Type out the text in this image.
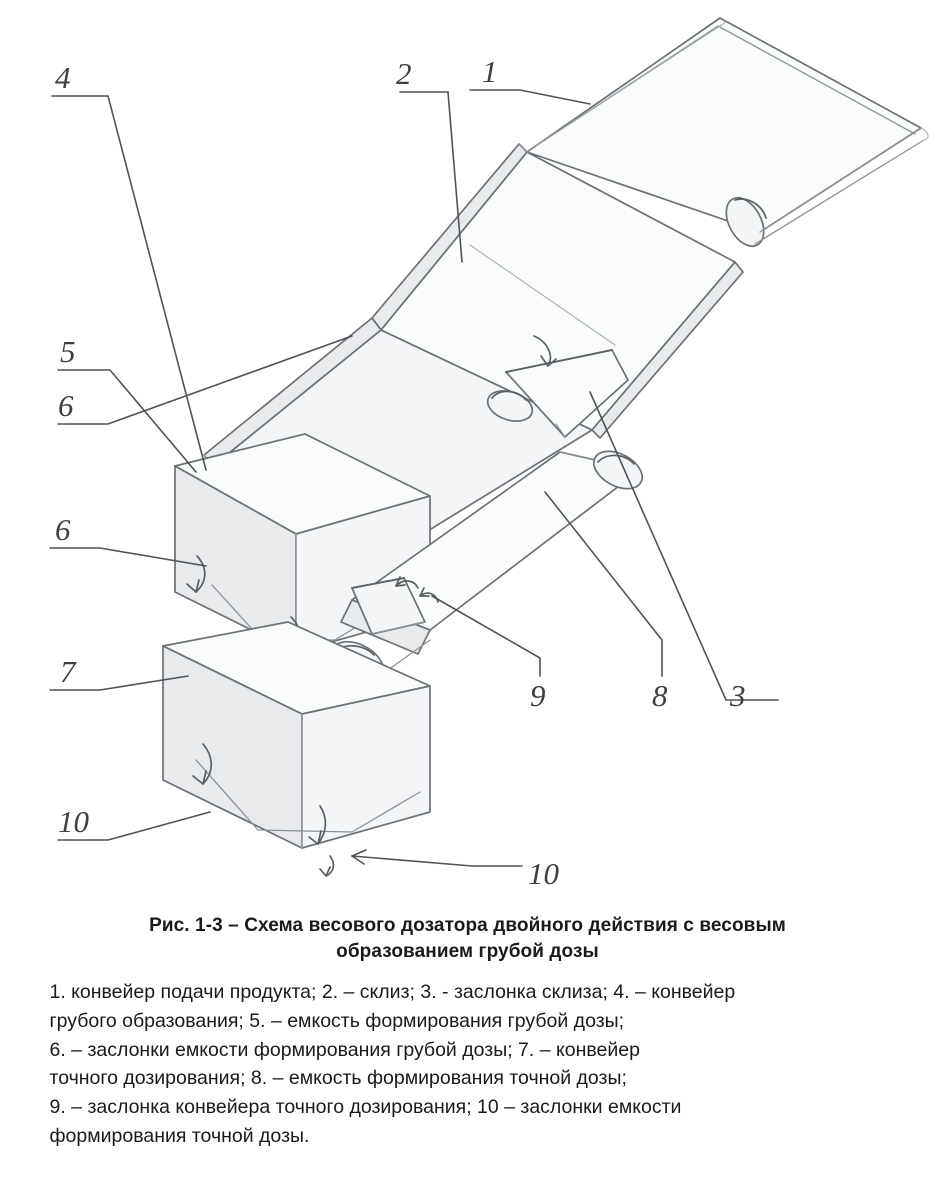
4	2 1
5
6
6
7
10
10
9	8 3
Рис. 1-3 – Схема весового дозатора двойного действия с весовым
образованием грубой дозы
1. конвейер подачи продукта; 2. – склиз; 3. - заслонка склиза; 4. – конвейер
грубого образования; 5. – емкость формирования грубой дозы;
6. – заслонки емкости формирования грубой дозы; 7. – конвейер
точного дозирования; 8. – емкость формирования точной дозы;
9. – заслонка конвейера точного дозирования; 10 – заслонки емкости
формирования точной дозы.
